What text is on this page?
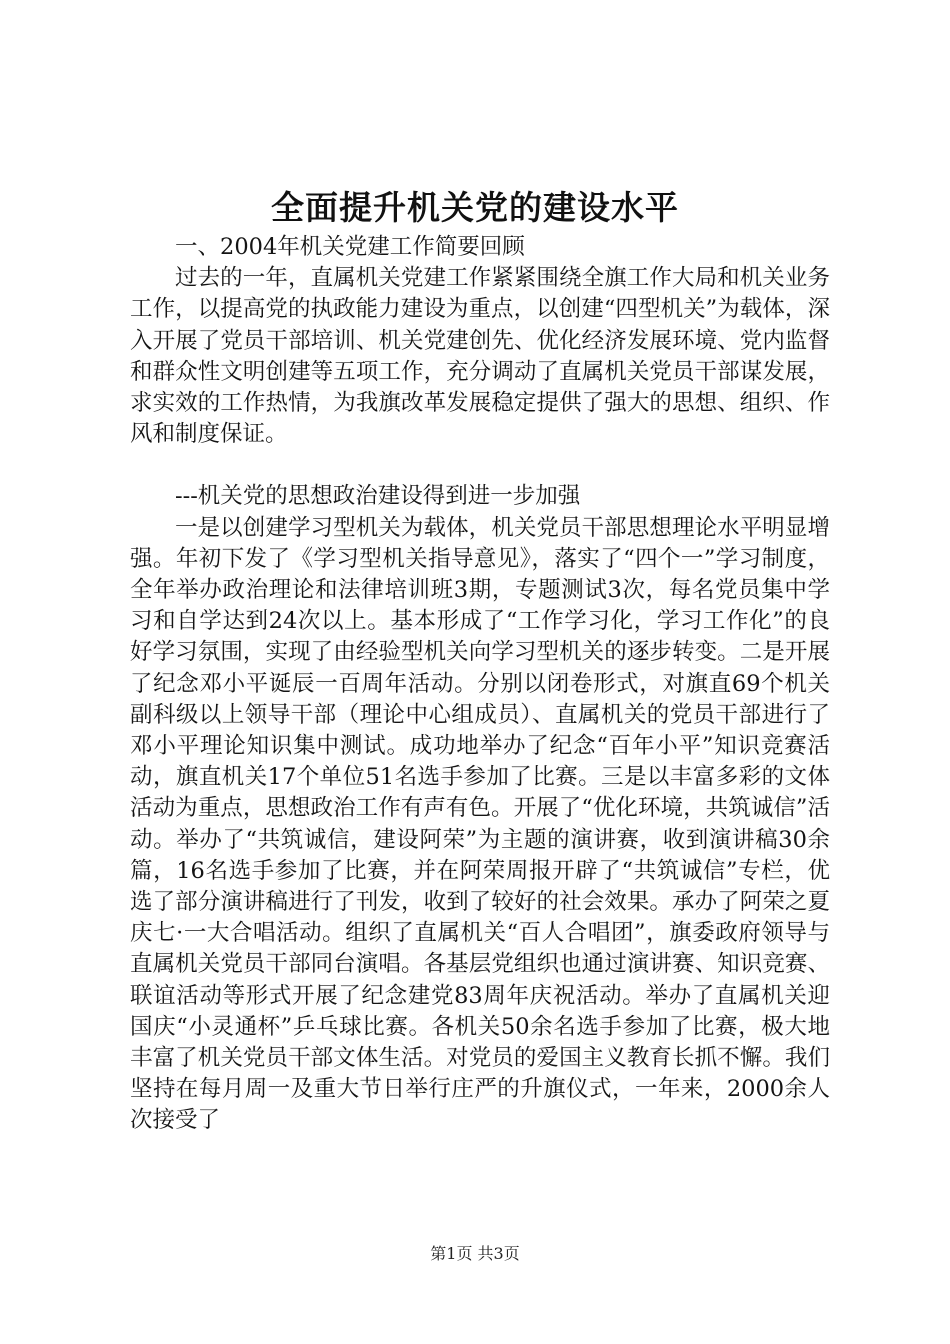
全面提升机关党的建设水平

一、2004年机关党建工作简要回顾

过去的一年，直属机关党建工作紧紧围绕全旗工作大局和机关业务工作，以提高党的执政能力建设为重点，以创建“四型机关”为载体，深入开展了党员干部培训、机关党建创先、优化经济发展环境、党内监督和群众性文明创建等五项工作，充分调动了直属机关党员干部谋发展，求实效的工作热情，为我旗改革发展稳定提供了强大的思想、组织、作风和制度保证。

---机关党的思想政治建设得到进一步加强

一是以创建学习型机关为载体，机关党员干部思想理论水平明显增强。年初下发了《学习型机关指导意见》，落实了“四个一”学习制度，全年举办政治理论和法律培训班3期，专题测试3次，每名党员集中学习和自学达到24次以上。基本形成了“工作学习化，学习工作化”的良好学习氛围，实现了由经验型机关向学习型机关的逐步转变。二是开展了纪念邓小平诞辰一百周年活动。分别以闭卷形式，对旗直69个机关副科级以上领导干部（理论中心组成员）、直属机关的党员干部进行了邓小平理论知识集中测试。成功地举办了纪念“百年小平”知识竞赛活动，旗直机关17个单位51名选手参加了比赛。三是以丰富多彩的文体活动为重点，思想政治工作有声有色。开展了“优化环境，共筑诚信”活动。举办了“共筑诚信，建设阿荣”为主题的演讲赛，收到演讲稿30余篇，16名选手参加了比赛，并在阿荣周报开辟了“共筑诚信”专栏，优选了部分演讲稿进行了刊发，收到了较好的社会效果。承办了阿荣之夏庆七·一大合唱活动。组织了直属机关“百人合唱团”，旗委政府领导与直属机关党员干部同台演唱。各基层党组织也通过演讲赛、知识竞赛、联谊活动等形式开展了纪念建党83周年庆祝活动。举办了直属机关迎国庆“小灵通杯”乒乓球比赛。各机关50余名选手参加了比赛，极大地丰富了机关党员干部文体生活。对党员的爱国主义教育长抓不懈。我们坚持在每月周一及重大节日举行庄严的升旗仪式，一年来，2000余人次接受了

第1页 共3页
